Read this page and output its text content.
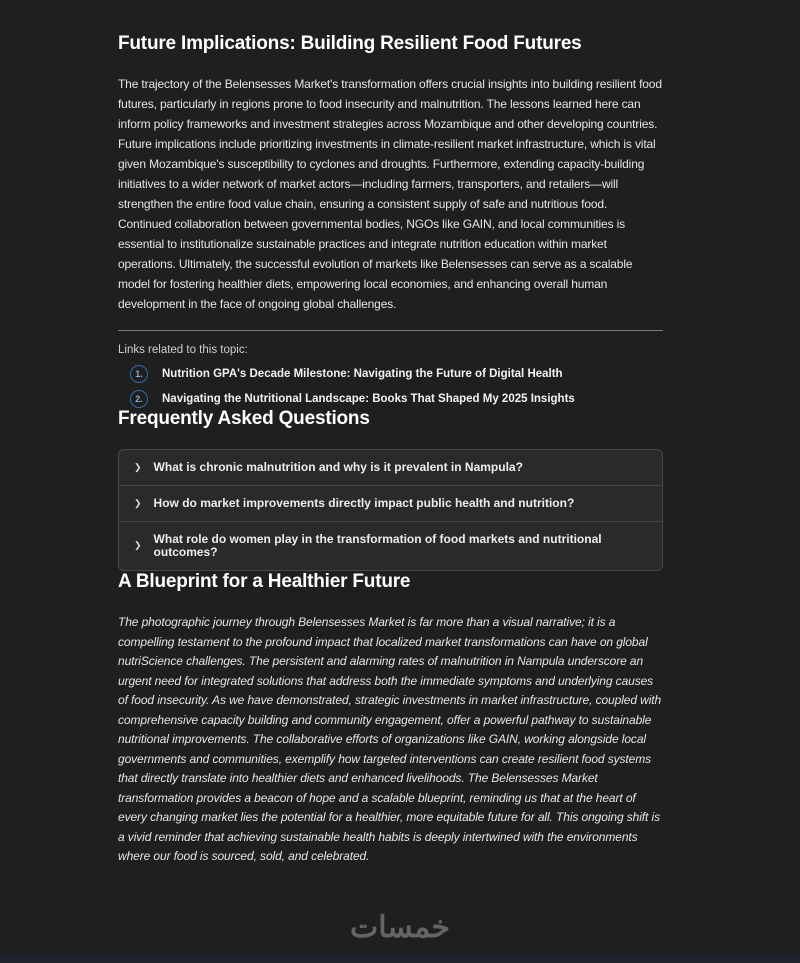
Future Implications: Building Resilient Food Futures

The trajectory of the Belensesses Market's transformation offers crucial insights into building resilient food futures, particularly in regions prone to food insecurity and malnutrition. The lessons learned here can inform policy frameworks and investment strategies across Mozambique and other developing countries. Future implications include prioritizing investments in climate-resilient market infrastructure, which is vital given Mozambique's susceptibility to cyclones and droughts. Furthermore, extending capacity-building initiatives to a wider network of market actors—including farmers, transporters, and retailers—will strengthen the entire food value chain, ensuring a consistent supply of safe and nutritious food. Continued collaboration between governmental bodies, NGOs like GAIN, and local communities is essential to institutionalize sustainable practices and integrate nutrition education within market operations. Ultimately, the successful evolution of markets like Belensesses can serve as a scalable model for fostering healthier diets, empowering local economies, and enhancing overall human development in the face of ongoing global challenges.

Links related to this topic:
1.	Nutrition GPA's Decade Milestone: Navigating the Future of Digital Health
2.	Navigating the Nutritional Landscape: Books That Shaped My 2025 Insights
Frequently Asked Questions
❯ What is chronic malnutrition and why is it prevalent in Nampula?
❯ How do market improvements directly impact public health and nutrition?
❯ What role do women play in the transformation of food markets and nutritional outcomes?
A Blueprint for a Healthier Future

The photographic journey through Belensesses Market is far more than a visual narrative; it is a compelling testament to the profound impact that localized market transformations can have on global nutriScience challenges. The persistent and alarming rates of malnutrition in Nampula underscore an urgent need for integrated solutions that address both the immediate symptoms and underlying causes of food insecurity. As we have demonstrated, strategic investments in market infrastructure, coupled with comprehensive capacity building and community engagement, offer a powerful pathway to sustainable nutritional improvements. The collaborative efforts of organizations like GAIN, working alongside local governments and communities, exemplify how targeted interventions can create resilient food systems that directly translate into healthier diets and enhanced livelihoods. The Belensesses Market transformation provides a beacon of hope and a scalable blueprint, reminding us that at the heart of every changing market lies the potential for a healthier, more equitable future for all. This ongoing shift is a vivid reminder that achieving sustainable health habits is deeply intertwined with the environments where our food is sourced, sold, and celebrated.

خمسات
